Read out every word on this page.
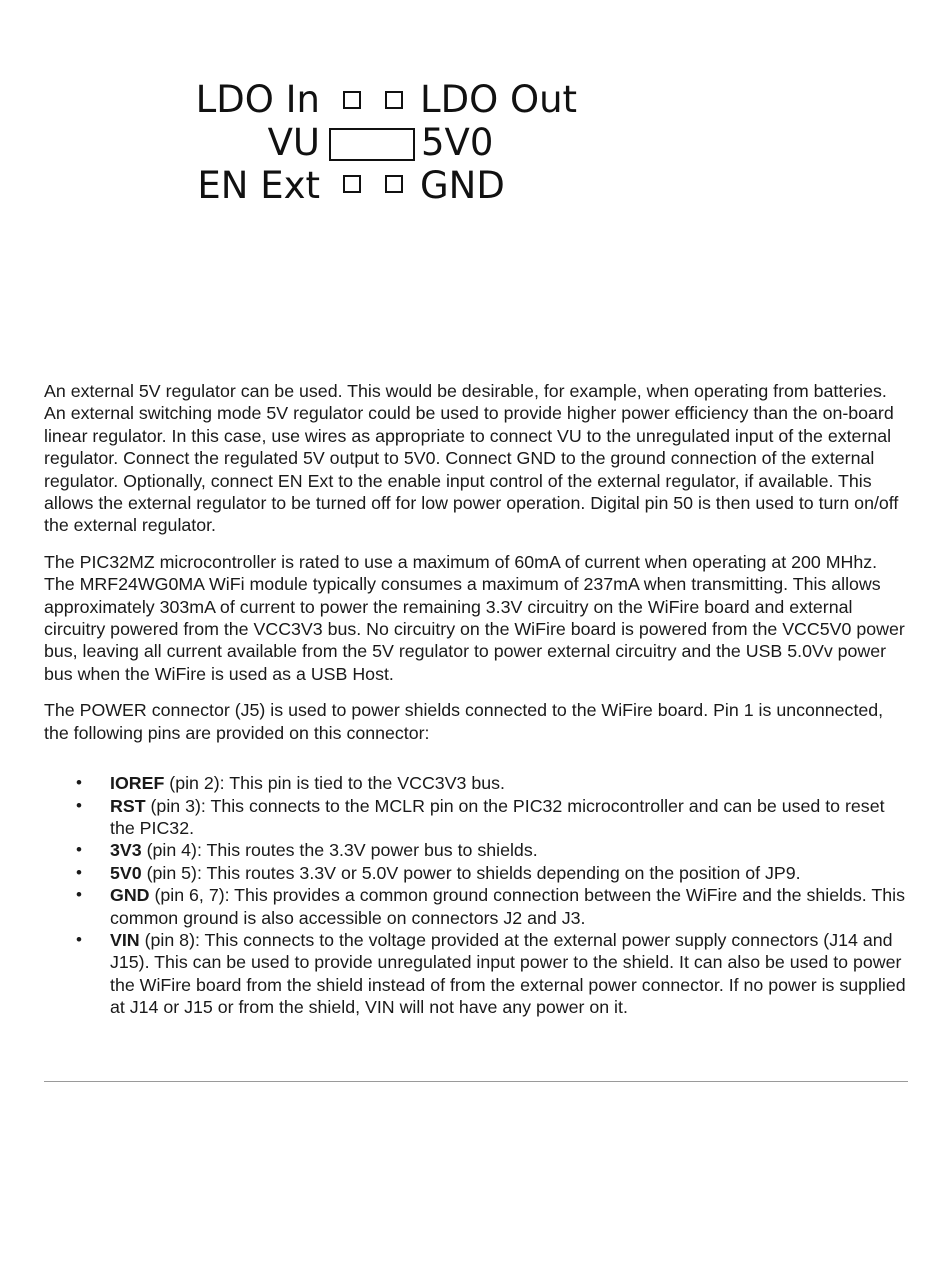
LDO In	LDO Out
VU	5V0
EN Ext	GND

An external 5V regulator can be used. This would be desirable, for example, when operating from batteries. An external switching mode 5V regulator could be used to provide higher power efficiency than the on-board linear regulator. In this case, use wires as appropriate to connect VU to the unregulated input of the external regulator. Connect the regulated 5V output to 5V0. Connect GND to the ground connection of the external regulator. Optionally, connect EN Ext to the enable input control of the external regulator, if available. This allows the external regulator to be turned off for low power operation. Digital pin 50 is then used to turn on/off the external regulator.

The PIC32MZ microcontroller is rated to use a maximum of 60mA of current when operating at 200 MHhz. The MRF24WG0MA WiFi module typically consumes a maximum of 237mA when transmitting. This allows approximately 303mA of current to power the remaining 3.3V circuitry on the WiFire board and external circuitry powered from the VCC3V3 bus. No circuitry on the WiFire board is powered from the VCC5V0 power bus, leaving all current available from the 5V regulator to power external circuitry and the USB 5.0Vv power bus when the WiFire is used as a USB Host.

The POWER connector (J5) is used to power shields connected to the WiFire board. Pin 1 is unconnected, the following pins are provided on this connector:

• IOREF (pin 2): This pin is tied to the VCC3V3 bus.
• RST (pin 3): This connects to the MCLR pin on the PIC32 microcontroller and can be used to reset the PIC32.
• 3V3 (pin 4): This routes the 3.3V power bus to shields.
• 5V0 (pin 5): This routes 3.3V or 5.0V power to shields depending on the position of JP9.
• GND (pin 6, 7): This provides a common ground connection between the WiFire and the shields. This common ground is also accessible on connectors J2 and J3.
• VIN (pin 8): This connects to the voltage provided at the external power supply connectors (J14 and J15). This can be used to provide unregulated input power to the shield. It can also be used to power the WiFire board from the shield instead of from the external power connector. If no power is supplied at J14 or J15 or from the shield, VIN will not have any power on it.
